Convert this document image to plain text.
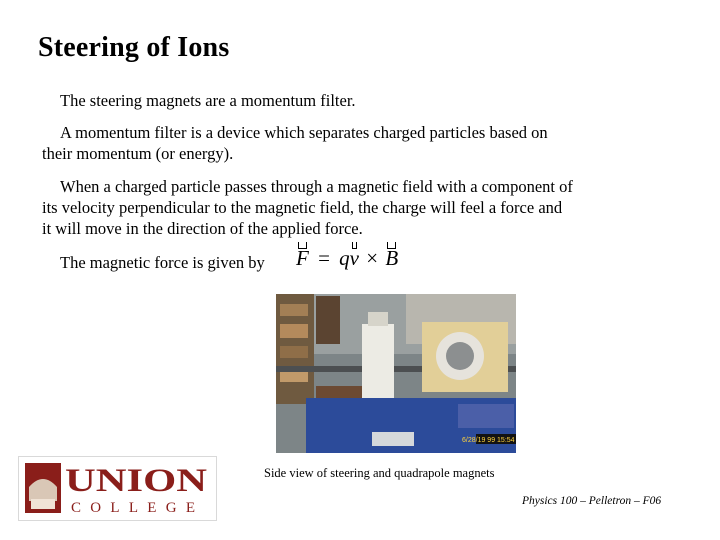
Steering of Ions
The steering magnets are a momentum filter.
A momentum filter is a device which separates charged particles based on
their momentum (or energy).
When a charged particle passes through a magnetic field with a component of
its velocity perpendicular to the magnetic field, the charge will feel a force and
it will move in the direction of the applied force.
The magnetic force is given by	F = qv × B
6/28/19 99 15:54
Side view of steering and quadrapole magnets
UNION
COLLEGE	Physics 100 – Pelletron – F06
